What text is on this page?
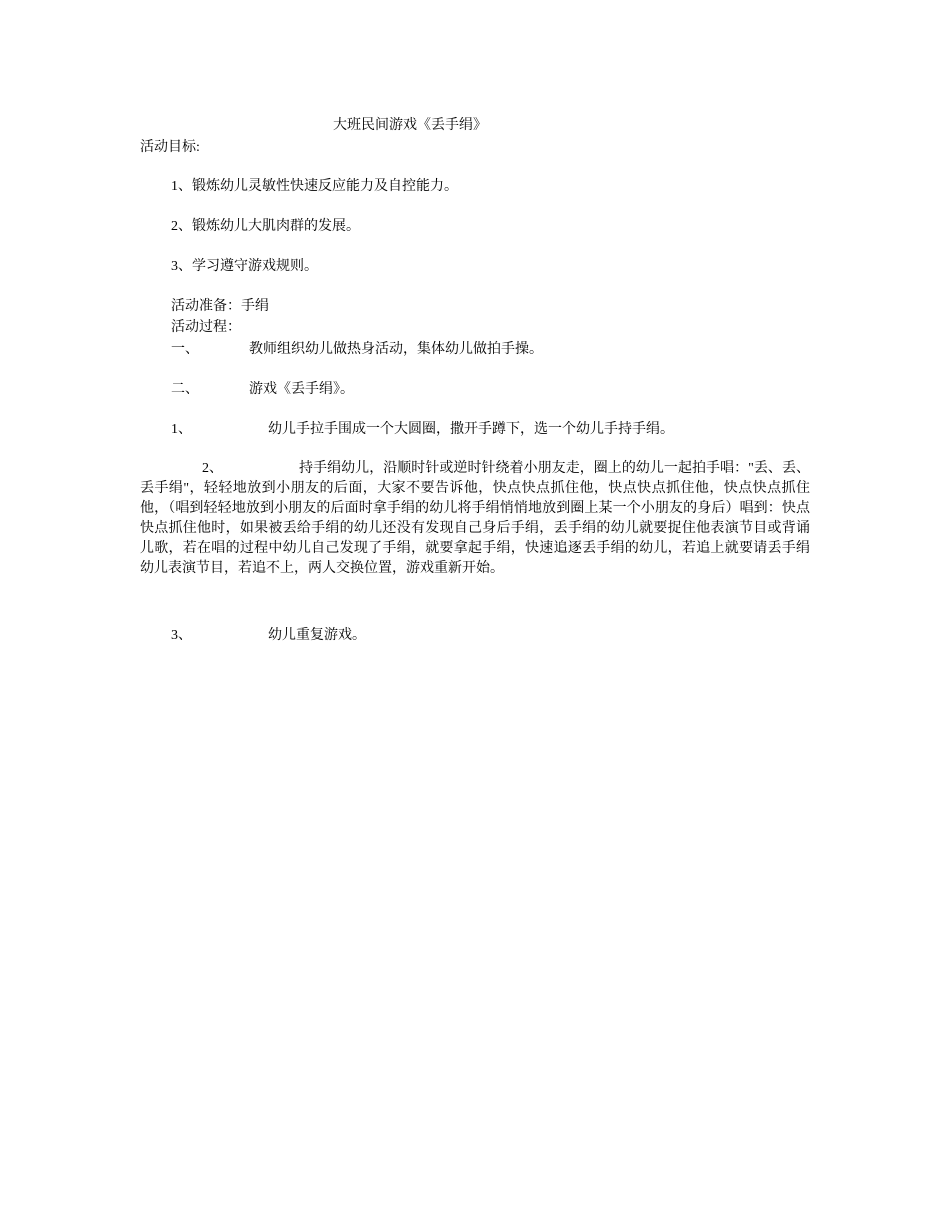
大班民间游戏《丢手绢》
活动目标:
1、锻炼幼儿灵敏性快速反应能力及自控能力。
2、锻炼幼儿大肌肉群的发展。
3、学习遵守游戏规则。
活动准备：手绢
活动过程：
一、	教师组织幼儿做热身活动，集体幼儿做拍手操。
二、	游戏《丢手绢》。
1、	幼儿手拉手围成一个大圆圈，撒开手蹲下，选一个幼儿手持手绢。
2、	持手绢幼儿，沿顺时针或逆时针绕着小朋友走，圈上的幼儿一起拍手唱："丢、丢、丢手绢"，轻轻地放到小朋友的后面，大家不要告诉他，快点快点抓住他，快点快点抓住他，快点快点抓住他，（唱到轻轻地放到小朋友的后面时拿手绢的幼儿将手绢悄悄地放到圈上某一个小朋友的身后）唱到：快点快点抓住他时，如果被丢给手绢的幼儿还没有发现自己身后手绢，丢手绢的幼儿就要捉住他表演节目或背诵儿歌，若在唱的过程中幼儿自己发现了手绢，就要拿起手绢，快速追逐丢手绢的幼儿，若追上就要请丢手绢幼儿表演节目，若追不上，两人交换位置，游戏重新开始。
3、	幼儿重复游戏。
